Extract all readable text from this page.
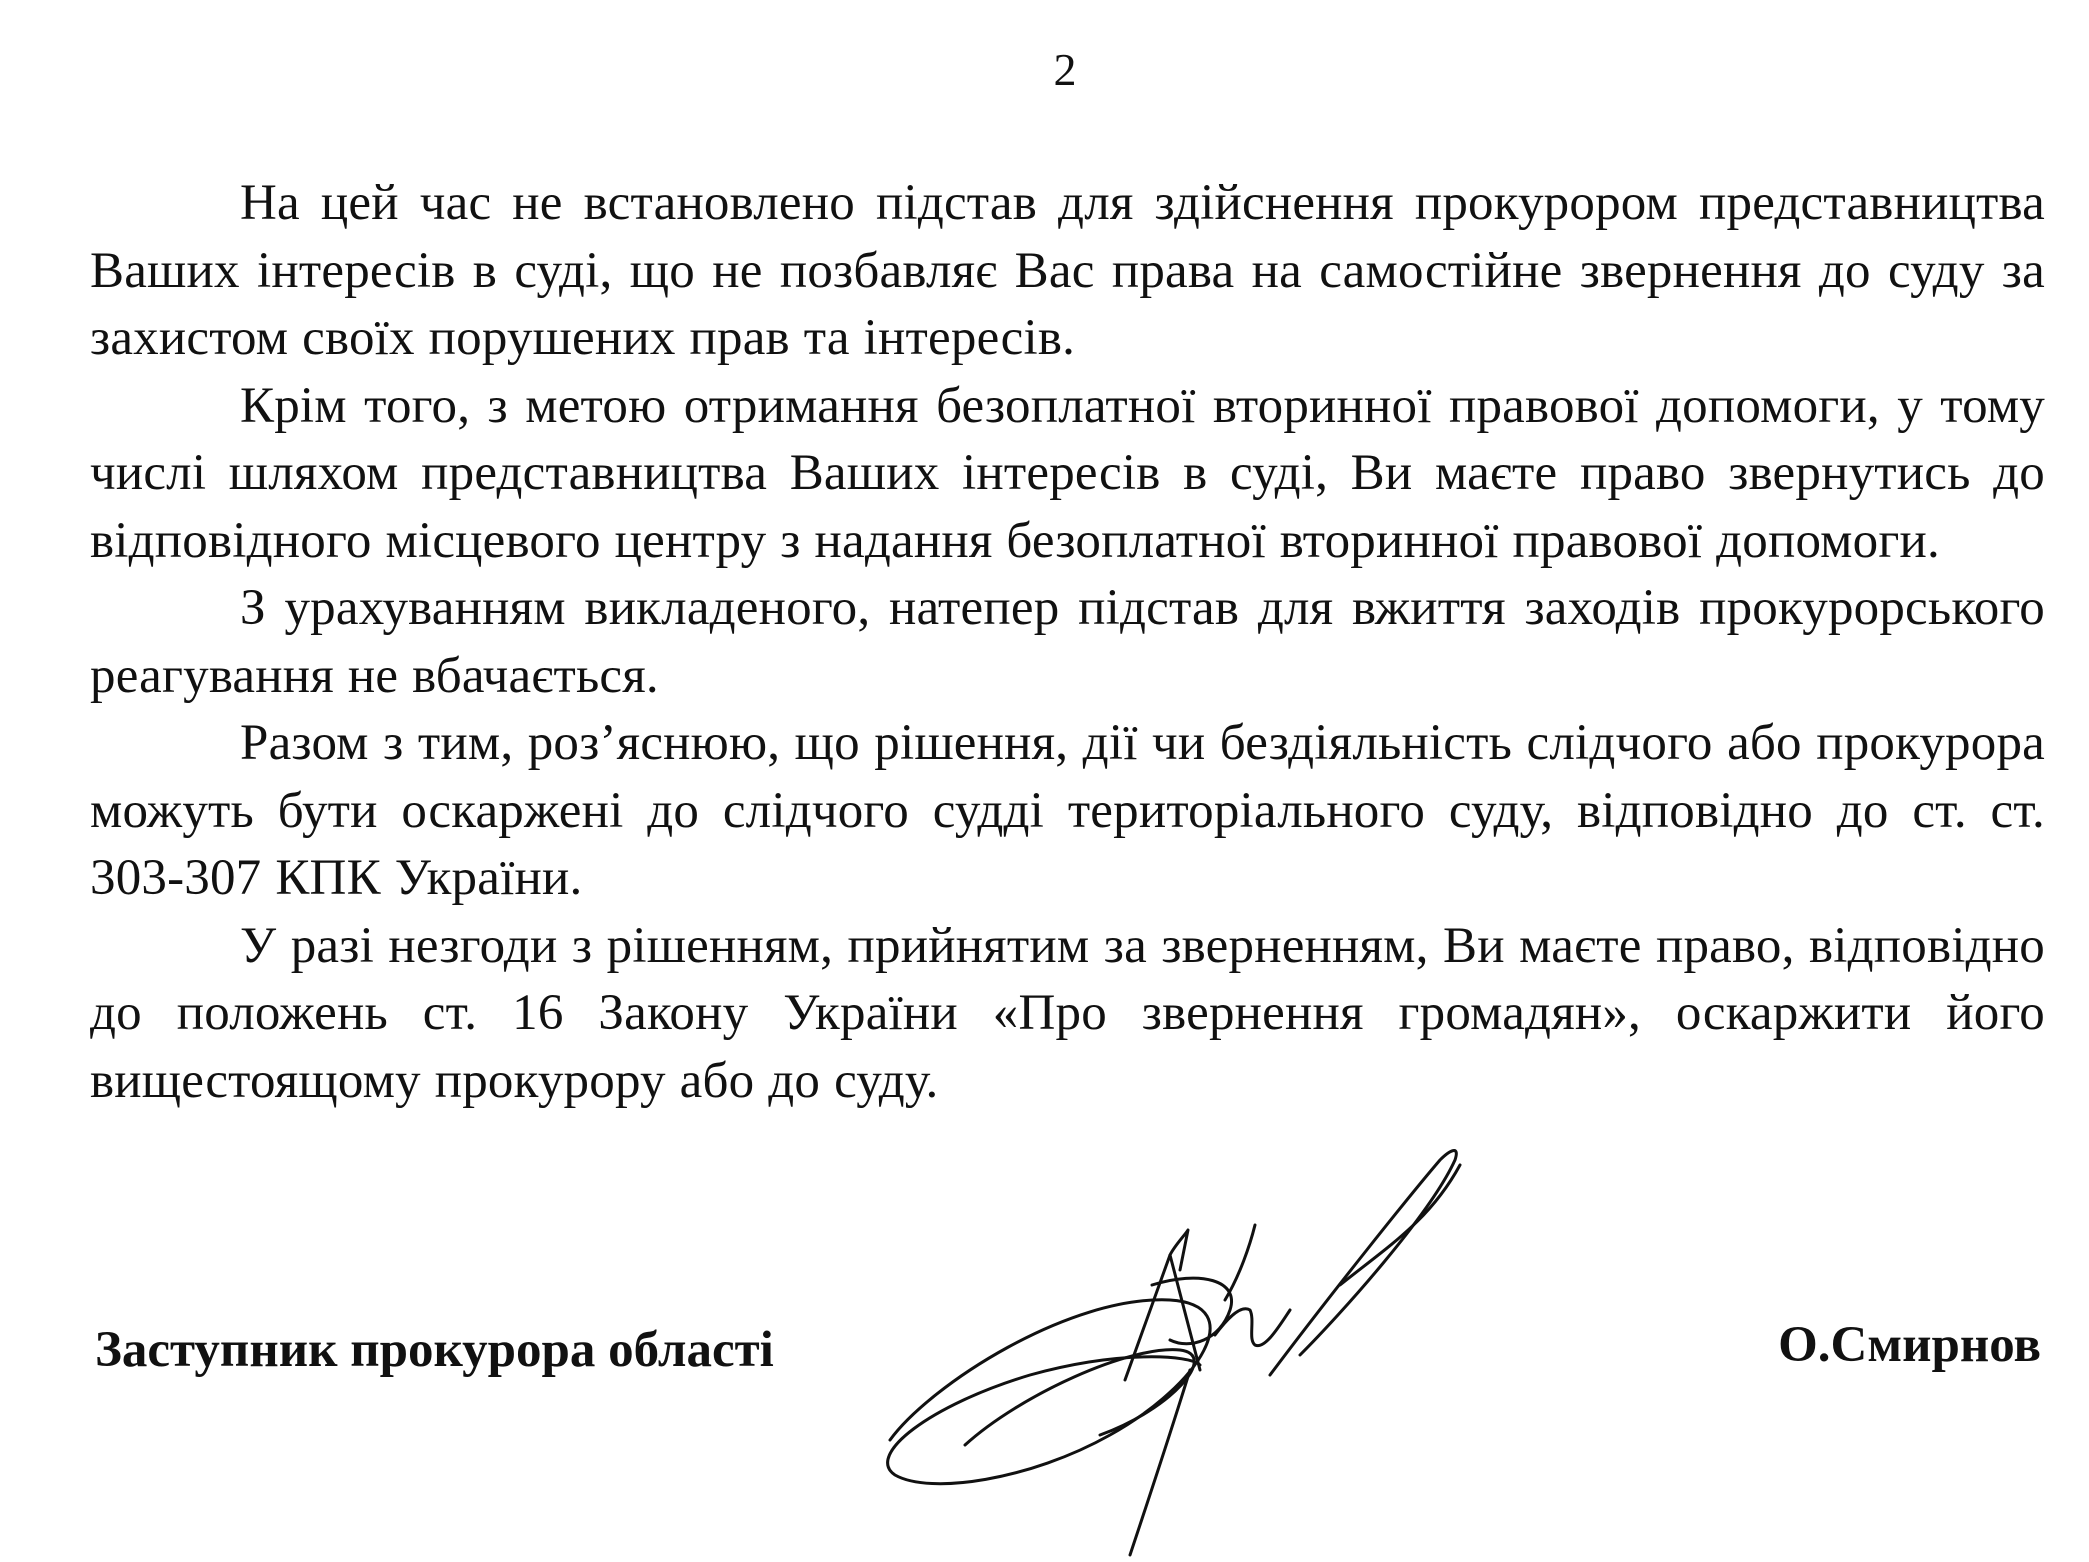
2

На цей час не встановлено підстав для здійснення прокурором представництва Ваших інтересів в суді, що не позбавляє Вас права на самостійне звернення до суду за захистом своїх порушених прав та інтересів.

Крім того, з метою отримання безоплатної вторинної правової допомоги, у тому числі шляхом представництва Ваших інтересів в суді, Ви маєте право звернутись до відповідного місцевого центру з надання безоплатної вторинної правової допомоги.

З урахуванням викладеного, натепер підстав для вжиття заходів прокурорського реагування не вбачається.

Разом з тим, роз’яснюю, що рішення, дії чи бездіяльність слідчого або прокурора можуть бути оскаржені до слідчого судді територіального суду, відповідно до ст. ст. 303-307 КПК України.

У разі незгоди з рішенням, прийнятим за зверненням, Ви маєте право, відповідно до положень ст. 16 Закону України «Про звернення громадян», оскаржити його вищестоящому прокурору або до суду.

Заступник прокурора області	О.Смирнов
